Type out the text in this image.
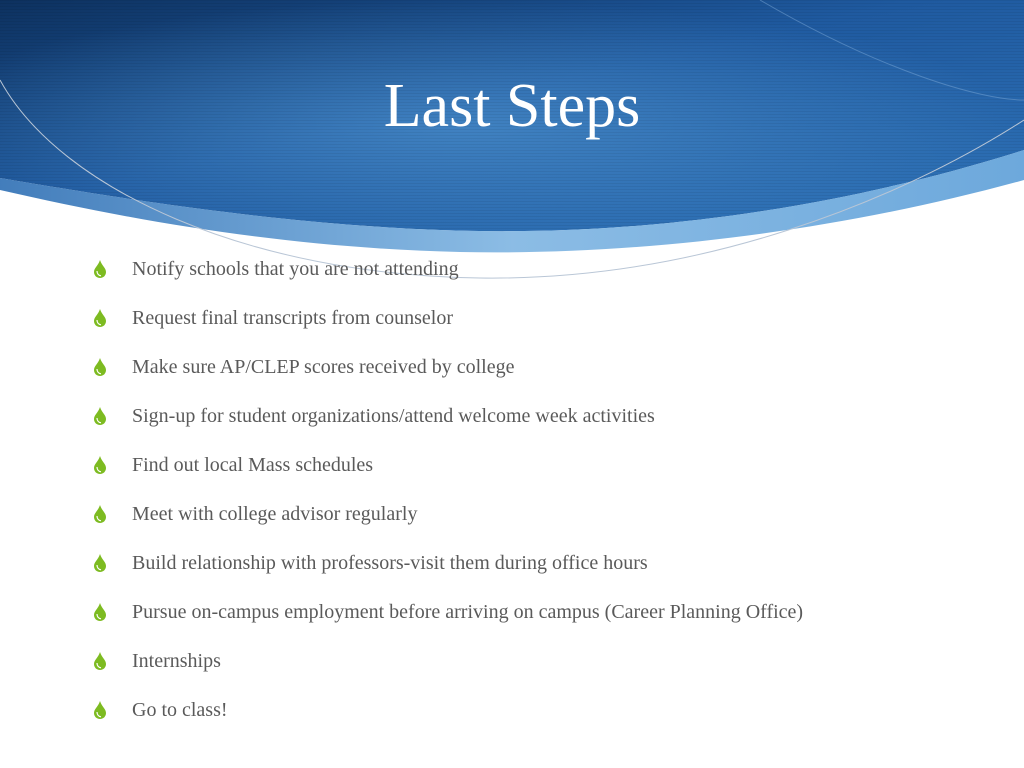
Last Steps
Notify schools that you are not attending
Request final transcripts from counselor
Make sure AP/CLEP scores received by college
Sign-up for student organizations/attend welcome week activities
Find out local Mass schedules
Meet with college advisor regularly
Build relationship with professors-visit them during office hours
Pursue on-campus employment before arriving on campus (Career Planning Office)
Internships
Go to class!
